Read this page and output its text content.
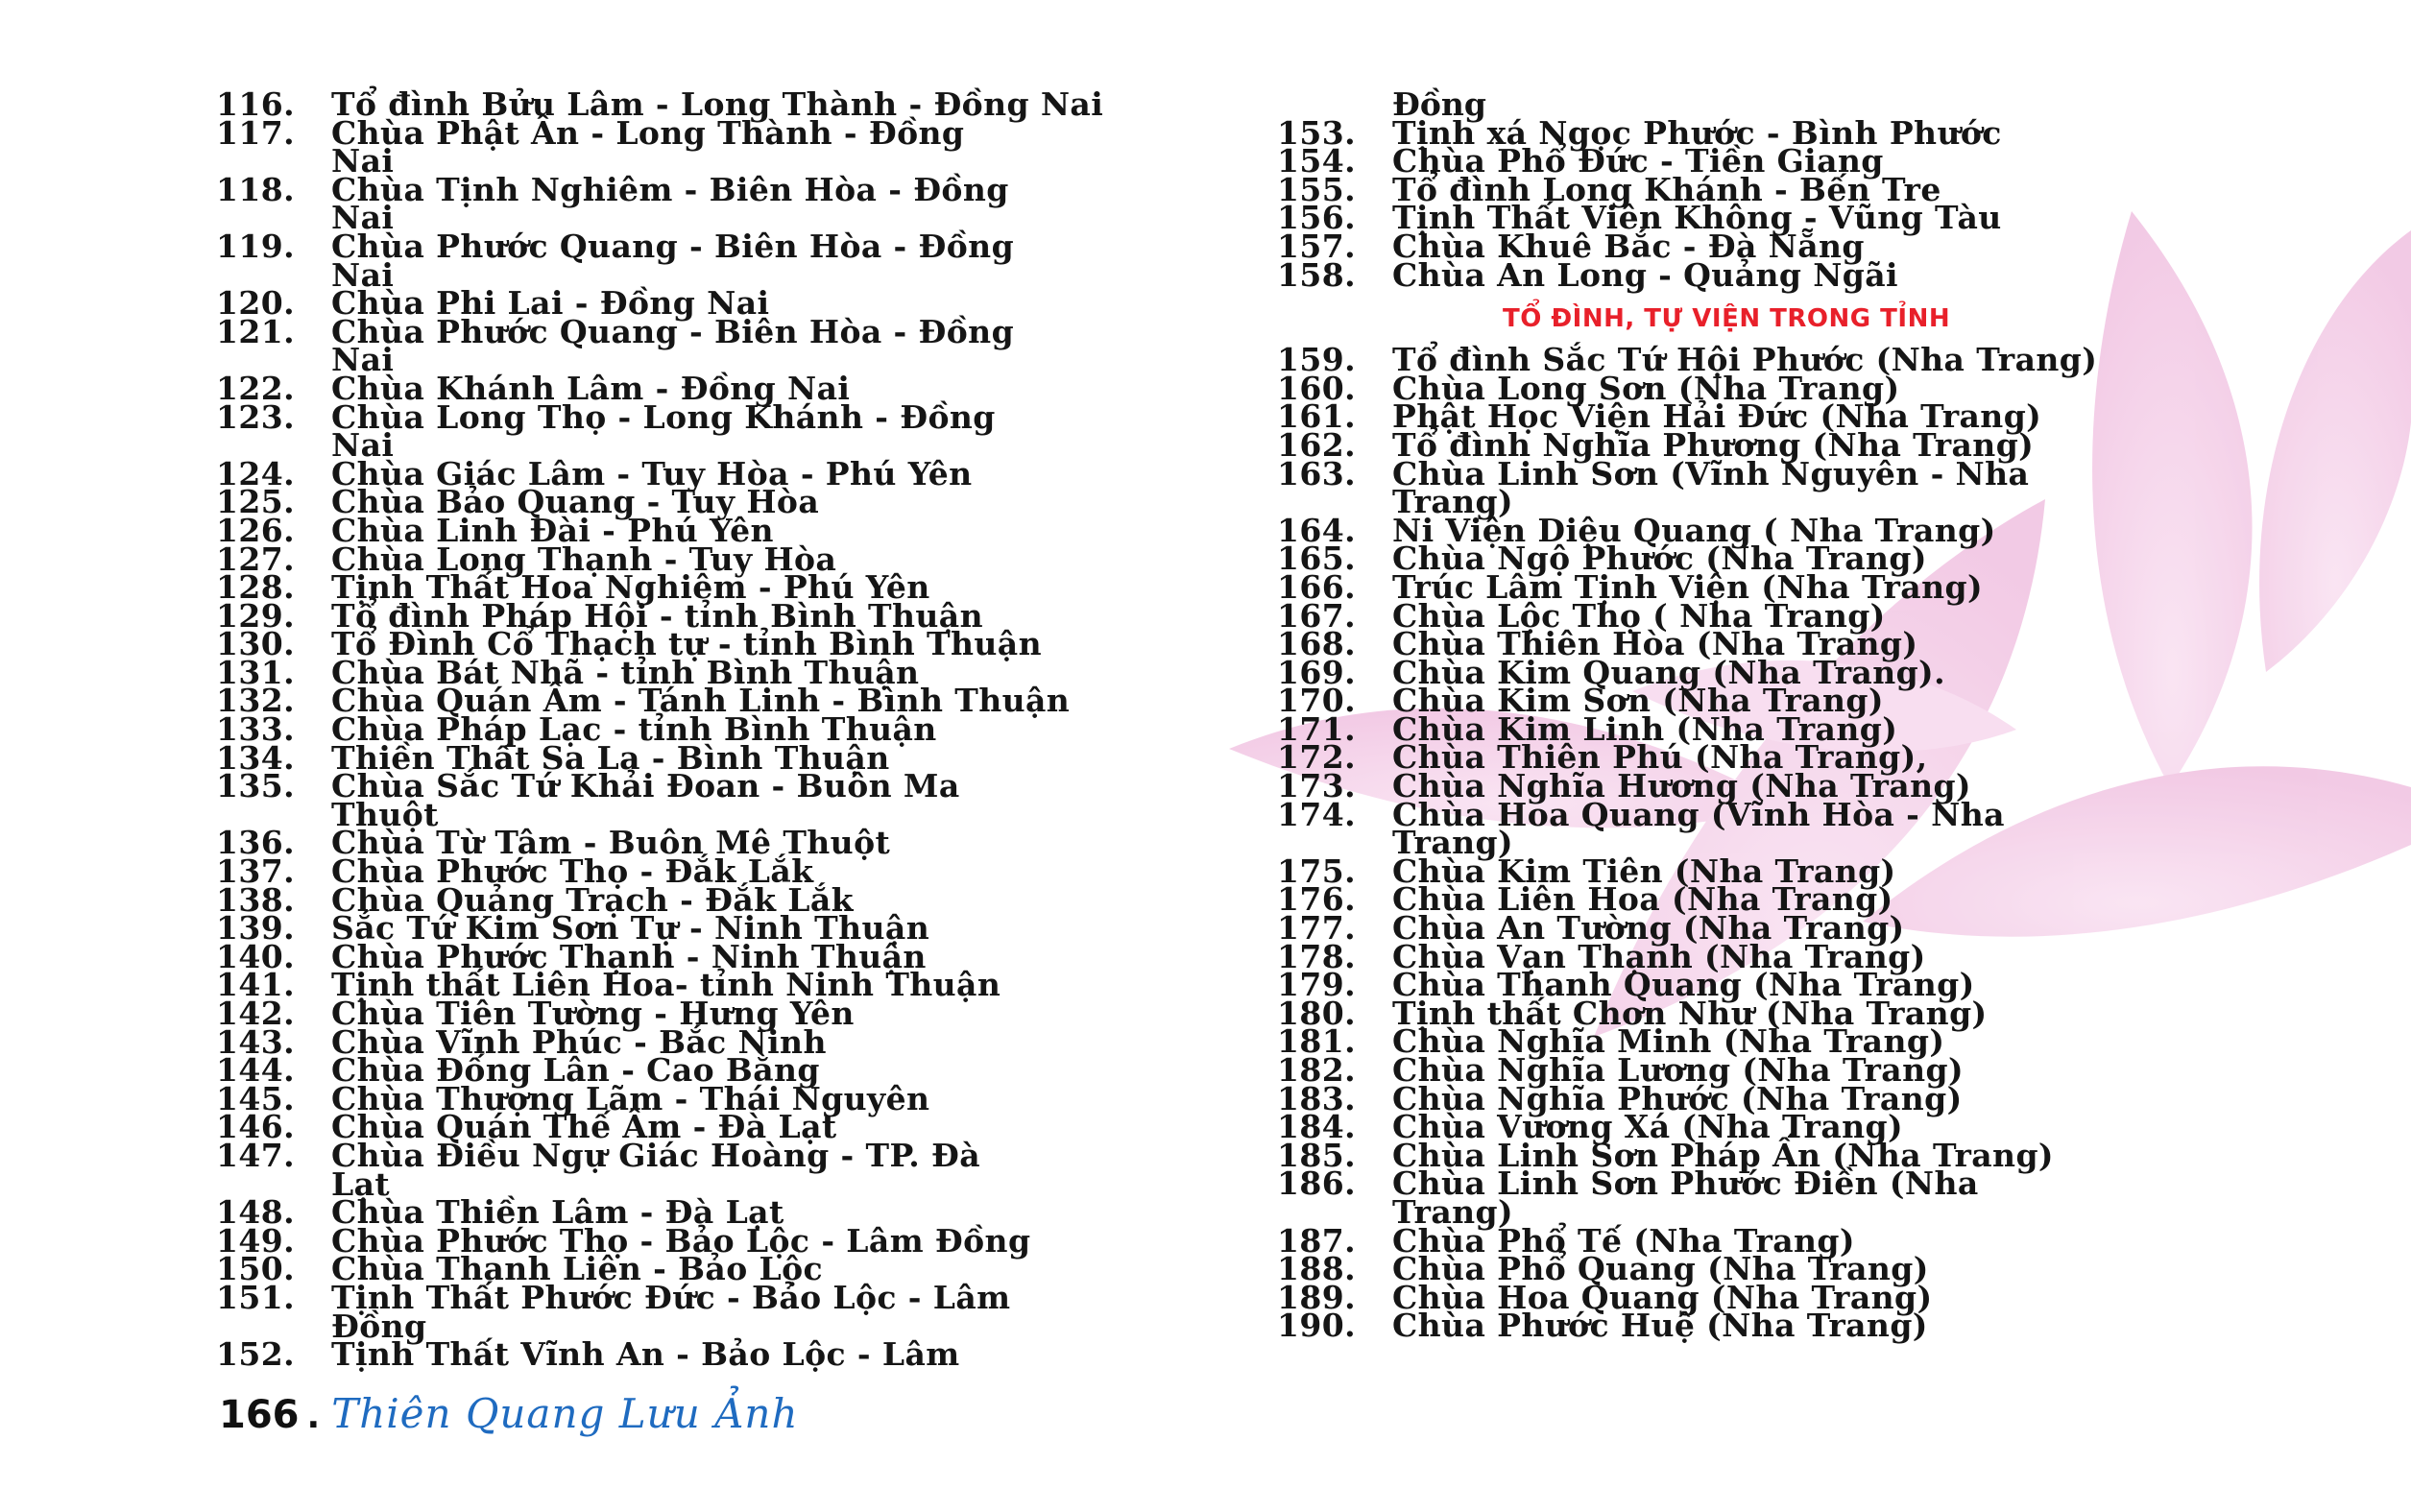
116.	Tổ đình Bửu Lâm - Long Thành - Đồng Nai
117.	Chùa Phật Ân - Long Thành - Đồng
Nai
118.	Chùa Tịnh Nghiêm - Biên Hòa - Đồng
Nai
119.	Chùa Phước Quang - Biên Hòa - Đồng
Nai
120.	Chùa Phi Lai - Đồng Nai
121.	Chùa Phước Quang - Biên Hòa - Đồng
Nai
122.	Chùa Khánh Lâm - Đồng Nai
123.	Chùa Long Thọ - Long Khánh - Đồng
Nai
124.	Chùa Giác Lâm - Tuy Hòa - Phú Yên
125.	Chùa Bảo Quang - Tuy Hòa
126.	Chùa Linh Đài - Phú Yên
127.	Chùa Long Thạnh - Tuy Hòa
128.	Tịnh Thất Hoa Nghiêm - Phú Yên
129.	Tổ đình Pháp Hội - tỉnh Bình Thuận
130.	Tổ Đình Cổ Thạch tự - tỉnh Bình Thuận
131.	Chùa Bát Nhã - tỉnh Bình Thuận
132.	Chùa Quán Âm - Tánh Linh - Bình Thuận
133.	Chùa Pháp Lạc - tỉnh Bình Thuận
134.	Thiền Thất Sa La - Bình Thuận
135.	Chùa Sắc Tứ Khải Đoan - Buôn Ma
Thuột
136.	Chùa Từ Tâm - Buôn Mê Thuột
137.	Chùa Phước Thọ - Đắk Lắk
138.	Chùa Quảng Trạch - Đắk Lắk
139.	Sắc Tứ Kim Sơn Tự - Ninh Thuận
140.	Chùa Phước Thạnh - Ninh Thuận
141.	Tịnh thất Liên Hoa- tỉnh Ninh Thuận
142.	Chùa Tiên Tường - Hưng Yên
143.	Chùa Vĩnh Phúc - Bắc Ninh
144.	Chùa Đống Lân - Cao Bằng
145.	Chùa Thượng Lãm - Thái Nguyên
146.	Chùa Quán Thế Âm - Đà Lạt
147.	Chùa Điều Ngự Giác Hoàng - TP. Đà
Lạt
148.	Chùa Thiền Lâm - Đà Lạt
149.	Chùa Phước Thọ - Bảo Lộc - Lâm Đồng
150.	Chùa Thanh Liên - Bảo Lộc
151.	Tịnh Thất Phước Đức - Bảo Lộc - Lâm
Đồng
152.	Tịnh Thất Vĩnh An - Bảo Lộc - Lâm
Đồng
153.	Tịnh xá Ngọc Phước - Bình Phước
154.	Chùa Phổ Đức - Tiền Giang
155.	Tổ đình Long Khánh - Bến Tre
156.	Tịnh Thất Viên Không - Vũng Tàu
157.	Chùa Khuê Bắc - Đà Nẵng
158.	Chùa An Long - Quảng Ngãi
TỔ ĐÌNH, TỰ VIỆN TRONG TỈNH
159.	Tổ đình Sắc Tứ Hội Phước (Nha Trang)
160.	Chùa Long Sơn (Nha Trang)
161.	Phật Học Viện Hải Đức (Nha Trang)
162.	Tổ đình Nghĩa Phương (Nha Trang)
163.	Chùa Linh Sơn (Vĩnh Nguyên - Nha
Trang)
164.	Ni Viện Diệu Quang ( Nha Trang)
165.	Chùa Ngộ Phước (Nha Trang)
166.	Trúc Lâm Tịnh Viện (Nha Trang)
167.	Chùa Lộc Thọ ( Nha Trang)
168.	Chùa Thiên Hòa (Nha Trang)
169.	Chùa Kim Quang (Nha Trang).
170.	Chùa Kim Sơn (Nha Trang)
171.	Chùa Kim Linh (Nha Trang)
172.	Chùa Thiên Phú (Nha Trang),
173.	Chùa Nghĩa Hương (Nha Trang)
174.	Chùa Hoa Quang (Vĩnh Hòa - Nha
Trang)
175.	Chùa Kim Tiên (Nha Trang)
176.	Chùa Liên Hoa (Nha Trang)
177.	Chùa An Tường (Nha Trang)
178.	Chùa Vạn Thạnh (Nha Trang)
179.	Chùa Thanh Quang (Nha Trang)
180.	Tịnh thất Chơn Như (Nha Trang)
181.	Chùa Nghĩa Minh (Nha Trang)
182.	Chùa Nghĩa Lương (Nha Trang)
183.	Chùa Nghĩa Phước (Nha Trang)
184.	Chùa Vương Xá (Nha Trang)
185.	Chùa Linh Sơn Pháp Ấn (Nha Trang)
186.	Chùa Linh Sơn Phước Điền (Nha
Trang)
187.	Chùa Phổ Tế (Nha Trang)
188.	Chùa Phổ Quang (Nha Trang)
189.	Chùa Hoa Quang (Nha Trang)
190.	Chùa Phước Huệ (Nha Trang)
166 . Thiên Quang Lưu Ảnh
